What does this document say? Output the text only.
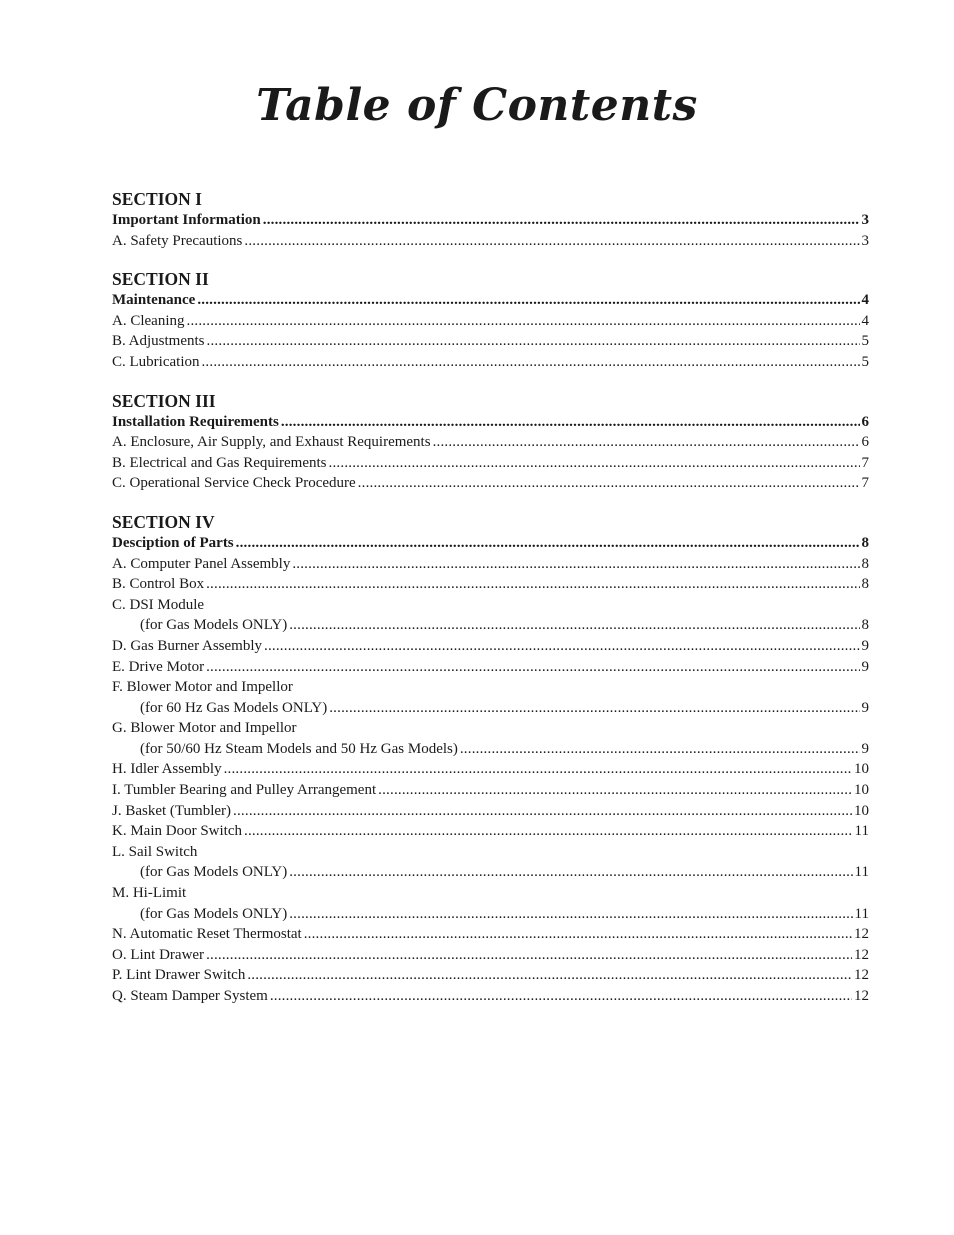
Table of Contents
SECTION I
Important Information .....	3
A. Safety Precautions .....	3
SECTION II
Maintenance .....	4
A. Cleaning .....	4
B. Adjustments .....	5
C. Lubrication .....	5
SECTION III
Installation Requirements .....	6
A. Enclosure, Air Supply, and Exhaust Requirements .....	6
B. Electrical and Gas Requirements .....	7
C. Operational Service Check Procedure .....	7
SECTION IV
Desciption of Parts .....	8
A. Computer Panel Assembly .....	8
B. Control Box .....	8
C. DSI Module
(for Gas Models ONLY) .....	8
D. Gas Burner Assembly .....	9
E. Drive Motor .....	9
F. Blower Motor and Impellor
(for 60 Hz Gas Models ONLY) .....	9
G. Blower Motor and Impellor
(for 50/60 Hz Steam Models and 50 Hz Gas Models) .....	9
H. Idler Assembly .....	10
I. Tumbler Bearing and Pulley Arrangement .....	10
J. Basket (Tumbler) .....	10
K. Main Door Switch .....	11
L. Sail Switch
(for Gas Models ONLY) .....	11
M. Hi-Limit
(for Gas Models ONLY) .....	11
N. Automatic Reset Thermostat .....	12
O. Lint Drawer .....	12
P. Lint Drawer Switch .....	12
Q. Steam Damper System .....	12
